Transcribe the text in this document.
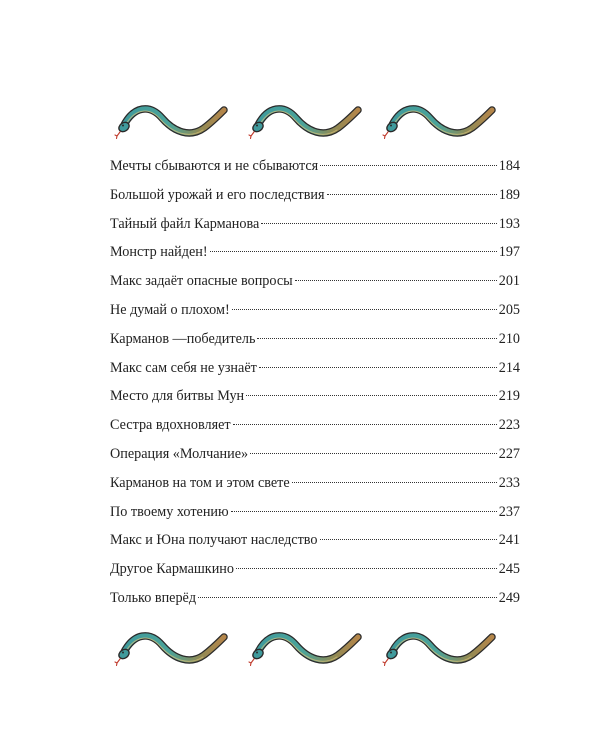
Мечты сбываются и не сбываются	184
Большой урожай и его последствия	189
Тайный файл Карманова	193
Монстр найден!	197
Макс задаёт опасные вопросы	201
Не думай о плохом!	205
Карманов —победитель	210
Макс сам себя не узнаёт	214
Место для битвы Мун	219
Сестра вдохновляет	223
Операция «Молчание»	227
Карманов на том и этом свете	233
По твоему хотению	237
Макс и Юна получают наследство	241
Другое Кармашкино	245
Только вперёд	249
